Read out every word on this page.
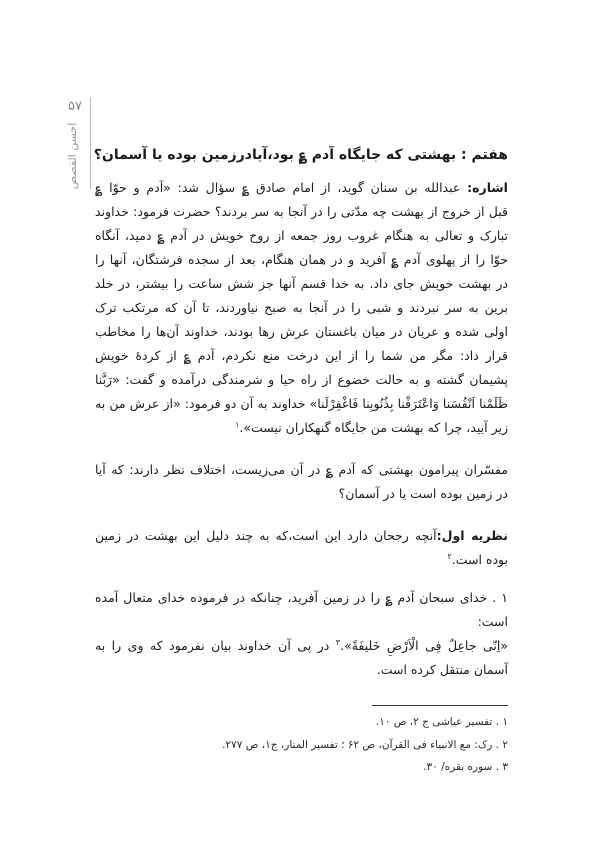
۵۷
احسن القصص هفتم : بهشتی که جایگاه آدم ؏ بود،آیادرزمین بوده یا آسمان؟
اشاره: عبدالله بن سنان گوید، از امام صادق ؏ سؤال شد: «آدم و حوّا ؏
قبل از خروج از بهشت چه مدّتی را در آنجا به سر بردند؟ حضرت فرمود: خداوند
تبارک و تعالی به هنگام غروب روز جمعه از روح خویش در آدم ؏ دمید، آنگاه
حوّا را از پهلوی آدم ؏ آفرید و در همان هنگام، بعد از سجده فرشتگان، آنها را
در بهشت خویش جای داد. به خدا قسم آنها جز شش ساعت را بیشتر، در خلد
برین به سر نبردند و شبی را در آنجا به صبح نیاوردند، تا آن که مرتکب ترک
اولی شده و عریان در میان باغستان عرش رها بودند، خداوند آن‌ها را مخاطب
قرار داد: مگر من شما را از این درخت منع نکردم، آدم ؏ از کردهٔ خویش
پشیمان گشته و به حالت خضوع از راه حیا و شرمندگی درآمده و گفت: «رَبَّنا
ظَلَمْنا اَنْفُسَنا وَاعْتَرَفْنا بِذُنُوبِنا فَاغْفِرْلَنا» خداوند به آن دو فرمود: «از عرش من به
زیر آیید، چرا که بهشت من جایگاه گنهکاران نیست».$^۱$
مفسّران پیرامون بهشتی که آدم ؏ در آن می‌زیست، اختلاف نظر دارند: که آیا
در زمین بوده است یا در آسمان؟
نظریه اول:آنچه رجحان دارد این است،که به چند دلیل این بهشت در زمین
بوده است.$^۲$
۱ . خدای سبحان آدم ؏ را در زمین آفرید، چنانکه در فرموده خدای متعال آمده
است:
«اِنّی جاعِلٌ فِی الْاَرْضِ خَلیفَةً».$^۳$ در پی آن خداوند بیان نفرمود که وی را به
آسمان منتقل کرده است.
۱ . تفسیر عیاشی ج ۲، ص ۱۰.
۲ . رک: مع الانبیاء فی القرآن، ص ۶۲ ؛ تفسیر المنار، ج۱، ص ۲۷۷.
۳ . سوره بقره/ ۳۰.
